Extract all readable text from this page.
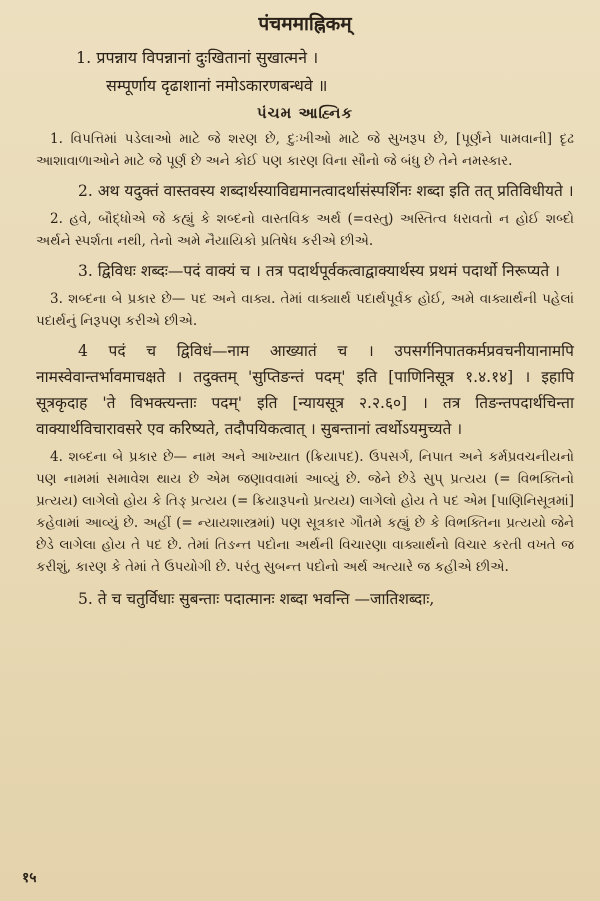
पंचममाह्निकम्
1. प्रपन्नाय विपन्नानां दुःखितानां सुखात्मने ।
सम्पूर्णाय दृढाशानां नमोऽकारणबन्धवे ॥
પંચમ આહ્નિક
1. વિપત્તિમાં પડેલાઓ માટે જે શરણ છે, દુઃખીઓ માટે જે સુખરૂપ છે, [પૂર્ણને પામવાની] દૃઢ આશાવાળાઓને માટે જે પૂર્ણ છે અને કોઈ પણ કારણ વિના સૌનો જે બંધુ છે તેને નમસ્કાર.
2. अथ यदुक्तं वास्तवस्य शब्दार्थस्याविद्यमानत्वादर्थासंस्पर्शिनः शब्दा इति तत् प्रतिविधीयते ।
2. હવે, બૌદ્ધોએ જે કહ્યું કે શબ્દનો વાસ્તવિક અર્થ (=વસ્તુ) અસ્તિત્વ ધરાવતો ન હોઈ શબ્દો અર્થને સ્પર્શતા નથી, તેનો અમે નૈયાયિકો પ્રતિષેધ કરીએ છીએ.
3. द्विविधः शब्दः—पदं वाक्यं च । तत्र पदार्थपूर्वकत्वाद्वाक्यार्थस्य प्रथमं पदार्थो निरूप्यते ।
3. શબ્દના બે પ્રકાર છે— પદ અને વાક્ય. તેમાં વાક્યાર્થ પદાર્થપૂર્વક હોઈ, અમે વાક્યાર્થની પહેલાં પદાર્થનું નિરૂપણ કરીએ છીએ.
4 पदं च द्विविधं—नाम आख्यातं च । उपसर्गनिपातकर्मप्रवचनीयानामपि नामस्वेवान्तर्भावमाचक्षते । तदुक्तम् 'सुप्तिङन्तं पदम्' इति [पाणिनिसूत्र १.४.१४] । इहापि सूत्रकृदाह 'ते विभक्त्यन्ताः पदम्' इति [न्यायसूत्र २.२.६०] । तत्र तिङन्तपदार्थचिन्ता वाक्यार्थविचारावसरे एव करिष्यते, तदौपयिकत्वात् । सुबन्तानां त्वर्थोऽयमुच्यते ।
4. શબ્દના બે પ્રકાર છે— નામ અને આખ્યાત (ક્રિયાપદ). ઉપસર્ગ, નિપાત અને કર્મપ્રવચનીયનો પણ નામમાં સમાવેશ થાય છે એમ જણાવવામાં આવ્યું છે. જેને છેડે સુપ્ પ્રત્યય (= વિભક્તિનો પ્રત્યય) લાગેલો હોય કે તિઙ્ પ્રત્યય (= ક્રિયારૂપનો પ્રત્યય) લાગેલો હોય તે પદ એમ [પાણિનિસૂત્રમાં] કહેવામાં આવ્યું છે. અહીં (= ન્યાયશાસ્ત્રમાં) પણ સૂત્રકાર ગૌતમે કહ્યું છે કે વિભક્તિના પ્રત્યયો જેને છેડે લાગેલા હોય તે પદ છે. તેમાં તિઙન્ત પદોના અર્થની વિચારણા વાક્યાર્થનો વિચાર કરતી વખતે જ કરીશું, કારણ કે તેમાં તે ઉપયોગી છે. પરંતુ સુબન્ત પદોનો અર્થ અત્યારે જ કહીએ છીએ.
5. ते च चतुर्विधाः सुबन्ताः पदात्मानः शब्दा भवन्ति —जातिशब्दाः,
१५
